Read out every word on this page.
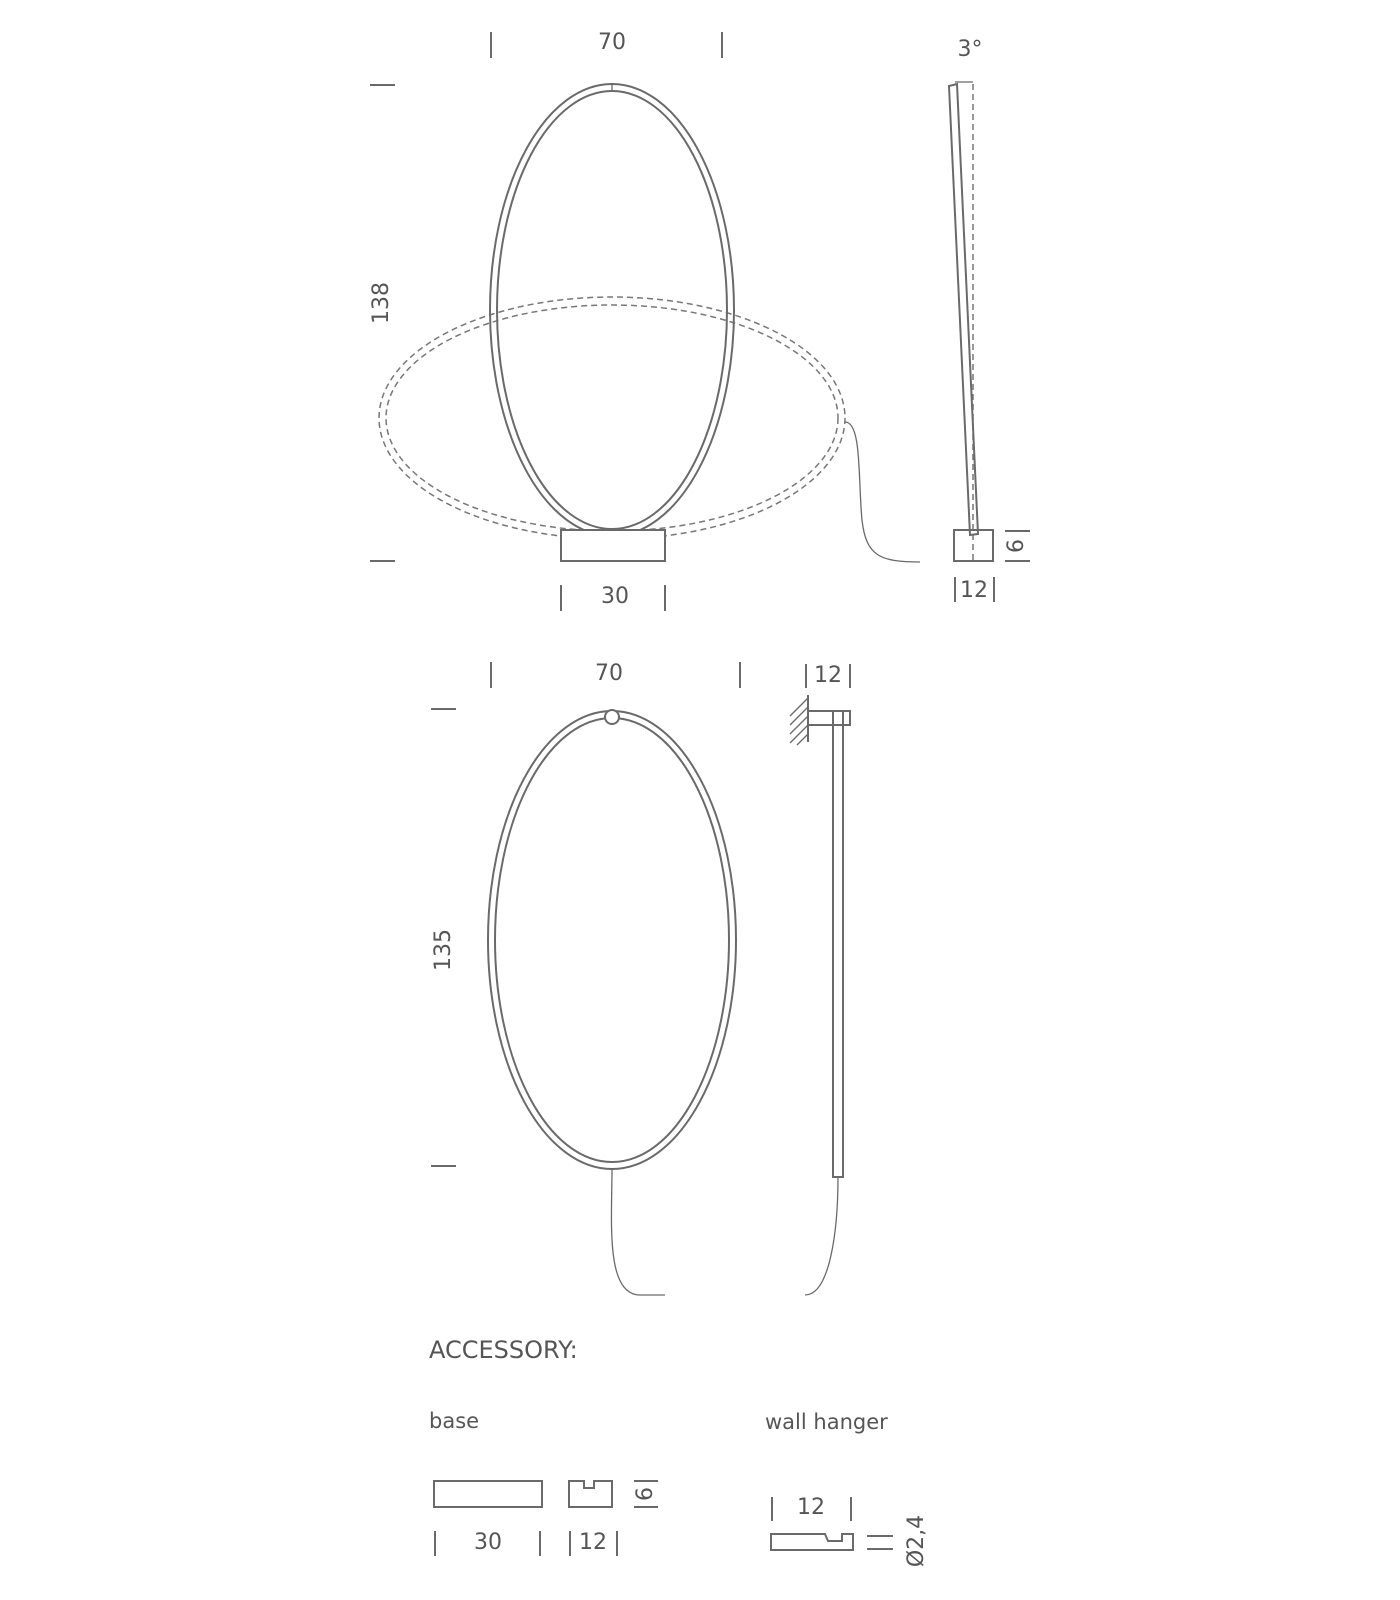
70
138
30
3°
12
6
70
135
12
ACCESSORY:
base
6
30	12
wall hanger
12
Ø2,4
